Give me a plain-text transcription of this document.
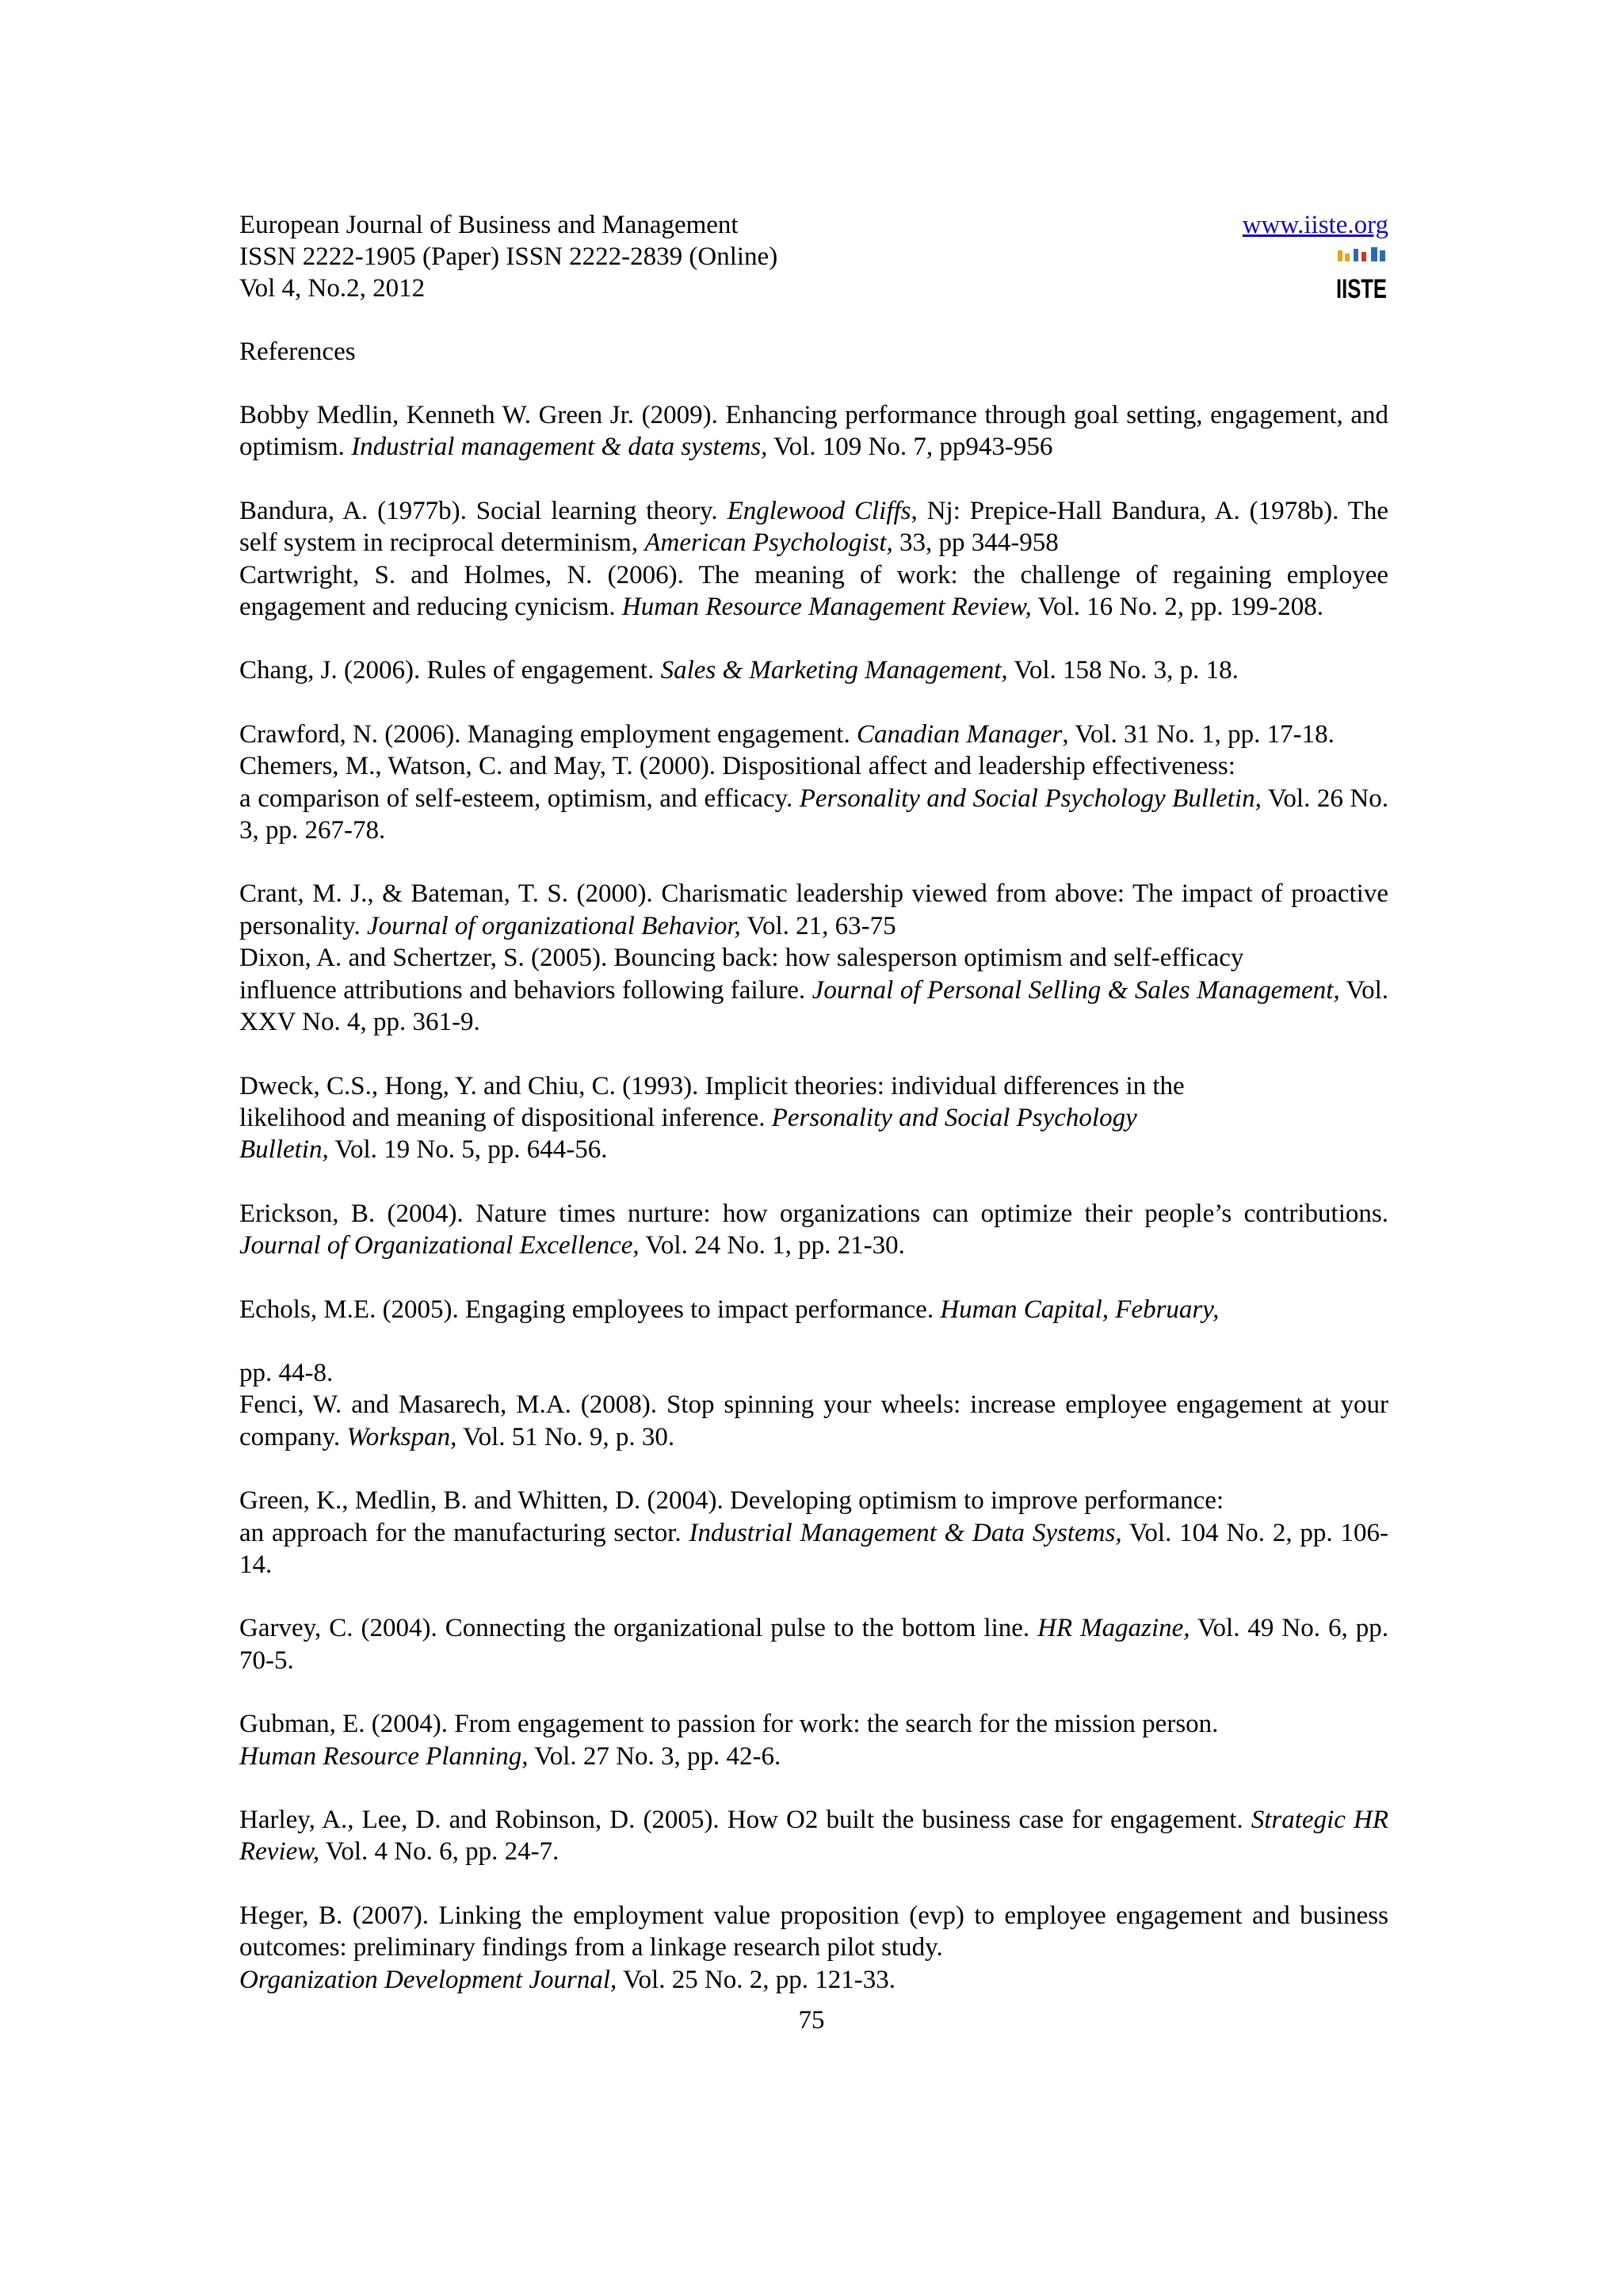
European Journal of Business and Management
ISSN 2222-1905 (Paper) ISSN 2222-2839 (Online)
Vol 4, No.2, 2012
www.iiste.org
IISTE
References

Bobby Medlin, Kenneth W. Green Jr. (2009). Enhancing performance through goal setting, engagement, and optimism. Industrial management & data systems, Vol. 109 No. 7, pp943-956

Bandura, A. (1977b). Social learning theory. Englewood Cliffs, Nj: Prepice-Hall Bandura, A. (1978b). The self system in reciprocal determinism, American Psychologist, 33, pp 344-958

Cartwright, S. and Holmes, N. (2006). The meaning of work: the challenge of regaining employee engagement and reducing cynicism. Human Resource Management Review, Vol. 16 No. 2, pp. 199-208.

Chang, J. (2006). Rules of engagement. Sales & Marketing Management, Vol. 158 No. 3, p. 18.

Crawford, N. (2006). Managing employment engagement. Canadian Manager, Vol. 31 No. 1, pp. 17-18.

Chemers, M., Watson, C. and May, T. (2000). Dispositional affect and leadership effectiveness:

a comparison of self-esteem, optimism, and efficacy. Personality and Social Psychology Bulletin, Vol. 26 No. 3, pp. 267-78.

Crant, M. J., & Bateman, T. S. (2000). Charismatic leadership viewed from above: The impact of proactive personality. Journal of organizational Behavior, Vol. 21, 63-75

Dixon, A. and Schertzer, S. (2005). Bouncing back: how salesperson optimism and self-efficacy

influence attributions and behaviors following failure. Journal of Personal Selling & Sales Management, Vol. XXV No. 4, pp. 361-9.

Dweck, C.S., Hong, Y. and Chiu, C. (1993). Implicit theories: individual differences in the

likelihood and meaning of dispositional inference. Personality and Social Psychology

Bulletin, Vol. 19 No. 5, pp. 644-56.

Erickson, B. (2004). Nature times nurture: how organizations can optimize their people’s contributions. Journal of Organizational Excellence, Vol. 24 No. 1, pp. 21-30.

Echols, M.E. (2005). Engaging employees to impact performance. Human Capital, February,

pp. 44-8.

Fenci, W. and Masarech, M.A. (2008). Stop spinning your wheels: increase employee engagement at your company. Workspan, Vol. 51 No. 9, p. 30.

Green, K., Medlin, B. and Whitten, D. (2004). Developing optimism to improve performance:

an approach for the manufacturing sector. Industrial Management & Data Systems, Vol. 104 No. 2, pp. 106-14.

Garvey, C. (2004). Connecting the organizational pulse to the bottom line. HR Magazine, Vol. 49 No. 6, pp. 70-5.

Gubman, E. (2004). From engagement to passion for work: the search for the mission person.

Human Resource Planning, Vol. 27 No. 3, pp. 42-6.

Harley, A., Lee, D. and Robinson, D. (2005). How O2 built the business case for engagement. Strategic HR Review, Vol. 4 No. 6, pp. 24-7.

Heger, B. (2007). Linking the employment value proposition (evp) to employee engagement and business outcomes: preliminary findings from a linkage research pilot study.

Organization Development Journal, Vol. 25 No. 2, pp. 121-33.

75
